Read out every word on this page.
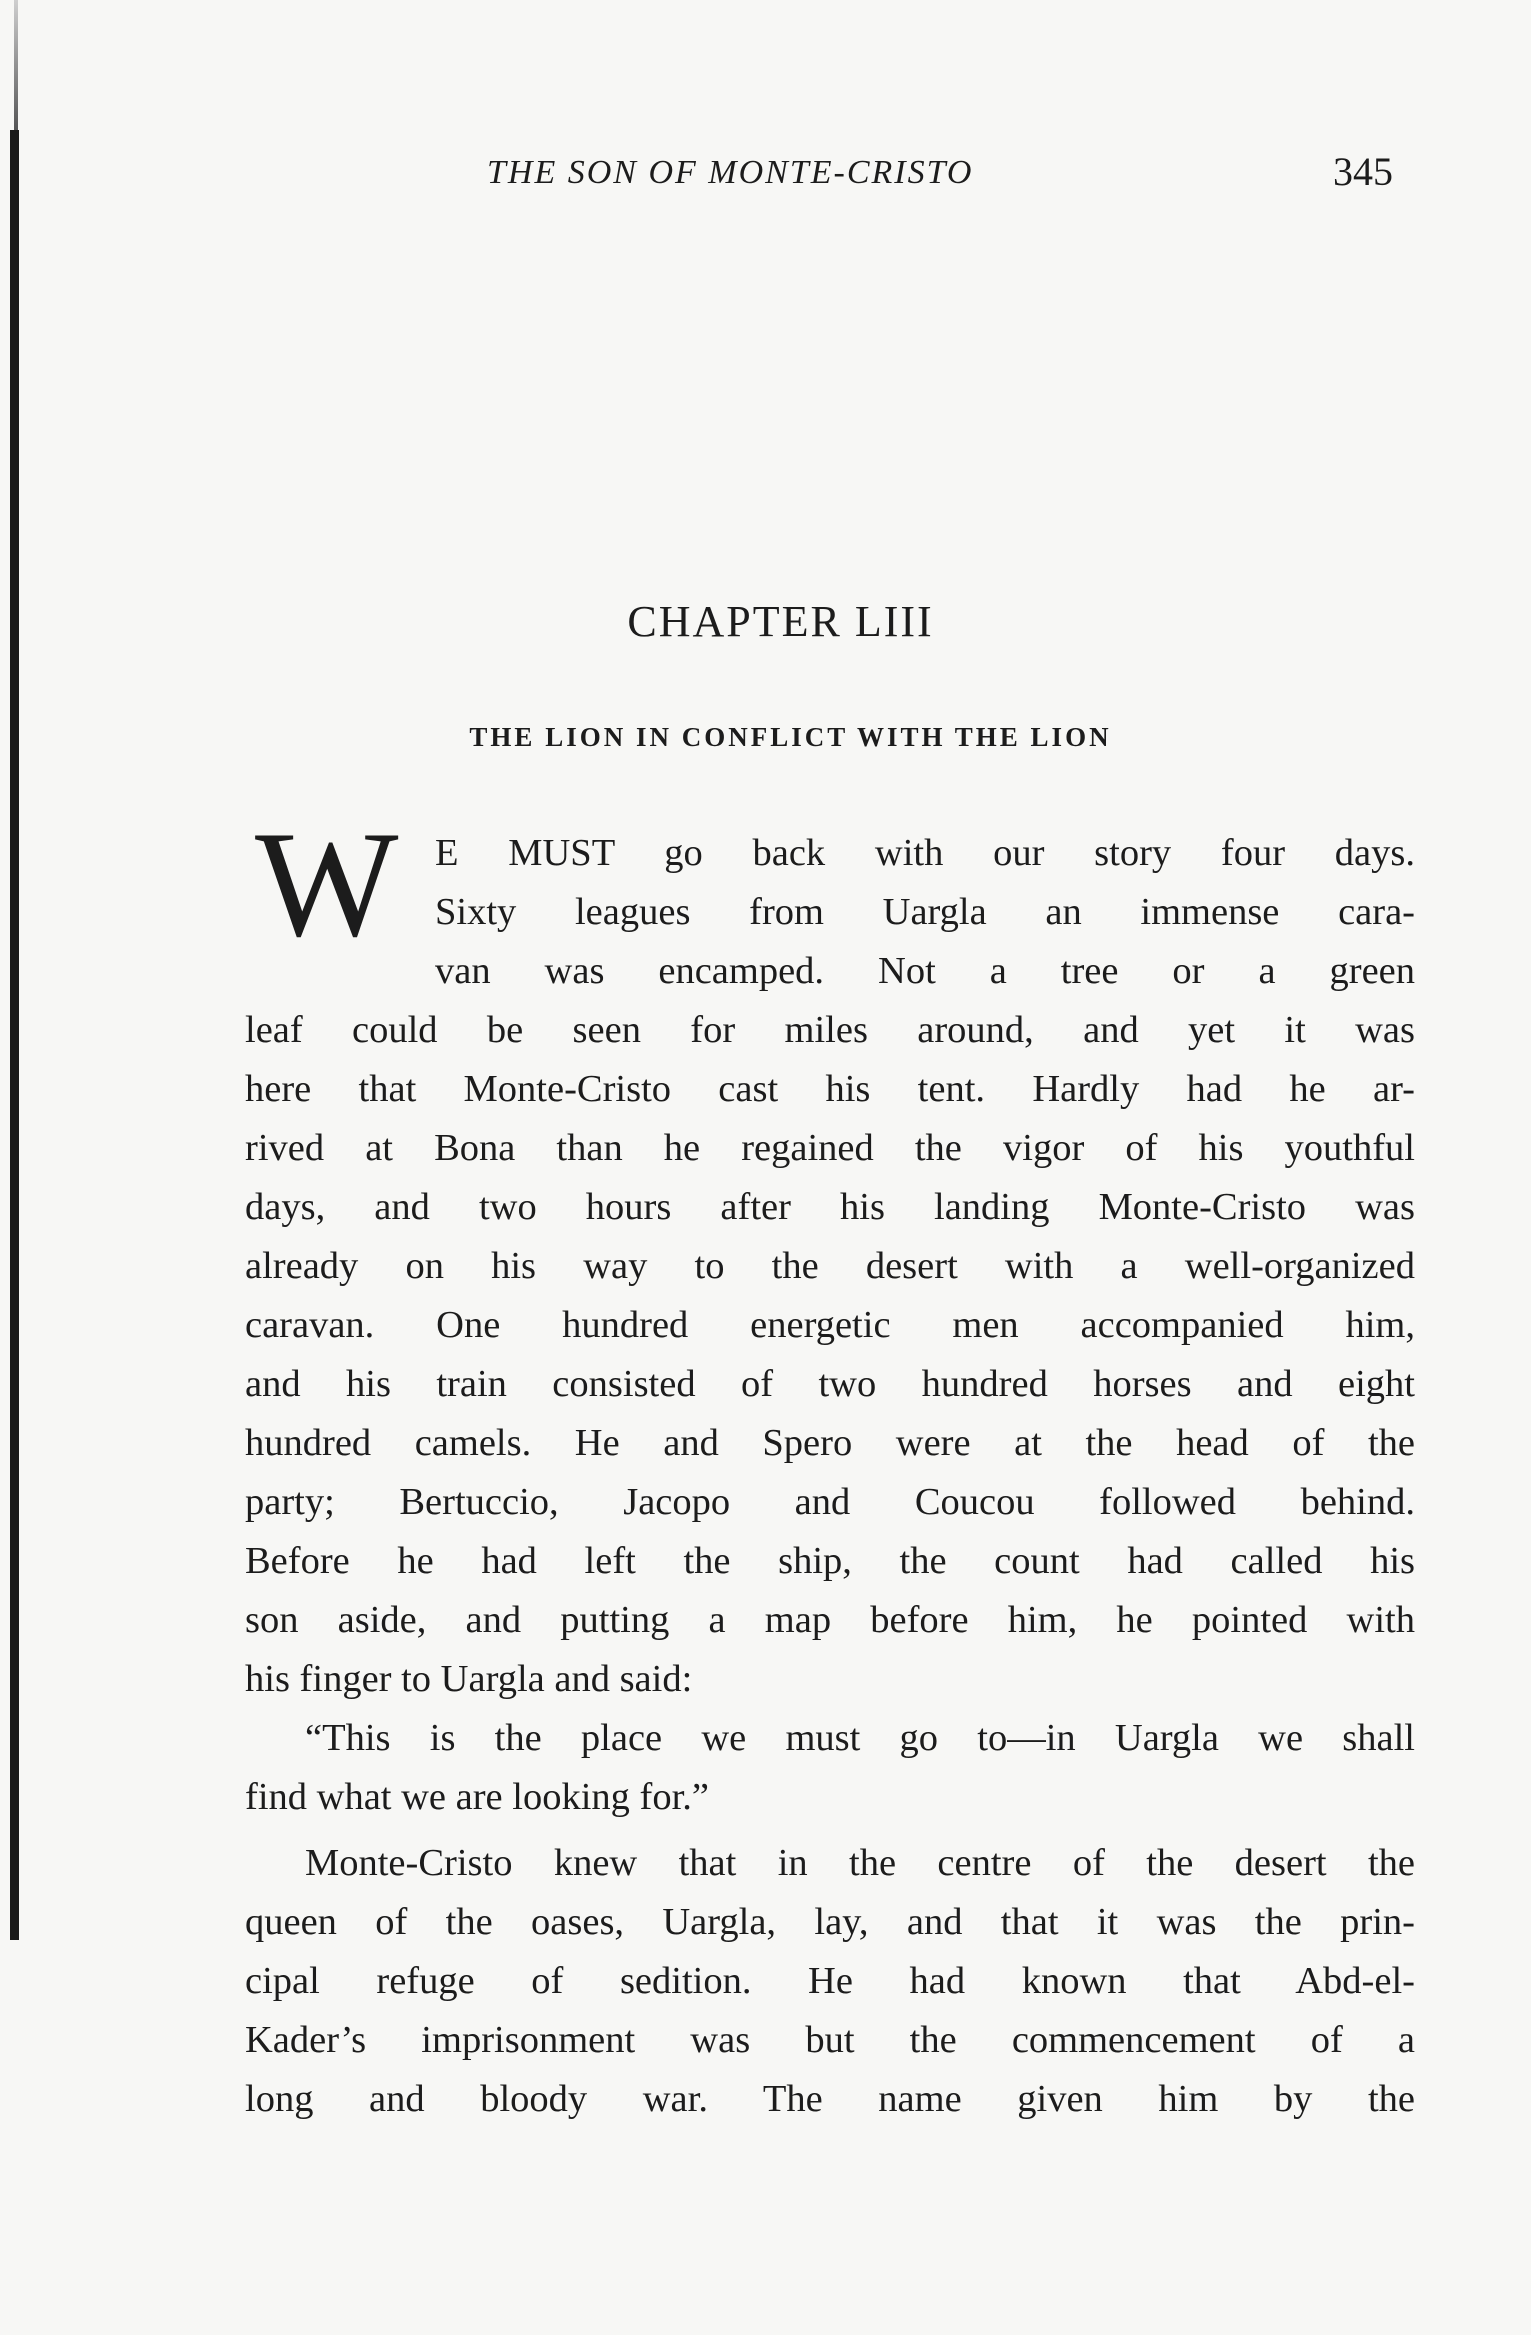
THE SON OF MONTE-CRISTO	345
CHAPTER LIII
THE LION IN CONFLICT WITH THE LION
W E MUST go back with our story four days.
Sixty leagues from Uargla an immense cara-
van was encamped. Not a tree or a green
leaf could be seen for miles around, and yet it was
here that Monte-Cristo cast his tent. Hardly had he ar-
rived at Bona than he regained the vigor of his youthful
days, and two hours after his landing Monte-Cristo was
already on his way to the desert with a well-organized
caravan. One hundred energetic men accompanied him,
and his train consisted of two hundred horses and eight
hundred camels. He and Spero were at the head of the
party; Bertuccio, Jacopo and Coucou followed behind.
Before he had left the ship, the count had called his
son aside, and putting a map before him, he pointed with
his finger to Uargla and said:
“This is the place we must go to—in Uargla we shall
find what we are looking for.”
Monte-Cristo knew that in the centre of the desert the
queen of the oases, Uargla, lay, and that it was the prin-
cipal refuge of sedition. He had known that Abd-el-
Kader’s imprisonment was but the commencement of a
long and bloody war. The name given him by the
